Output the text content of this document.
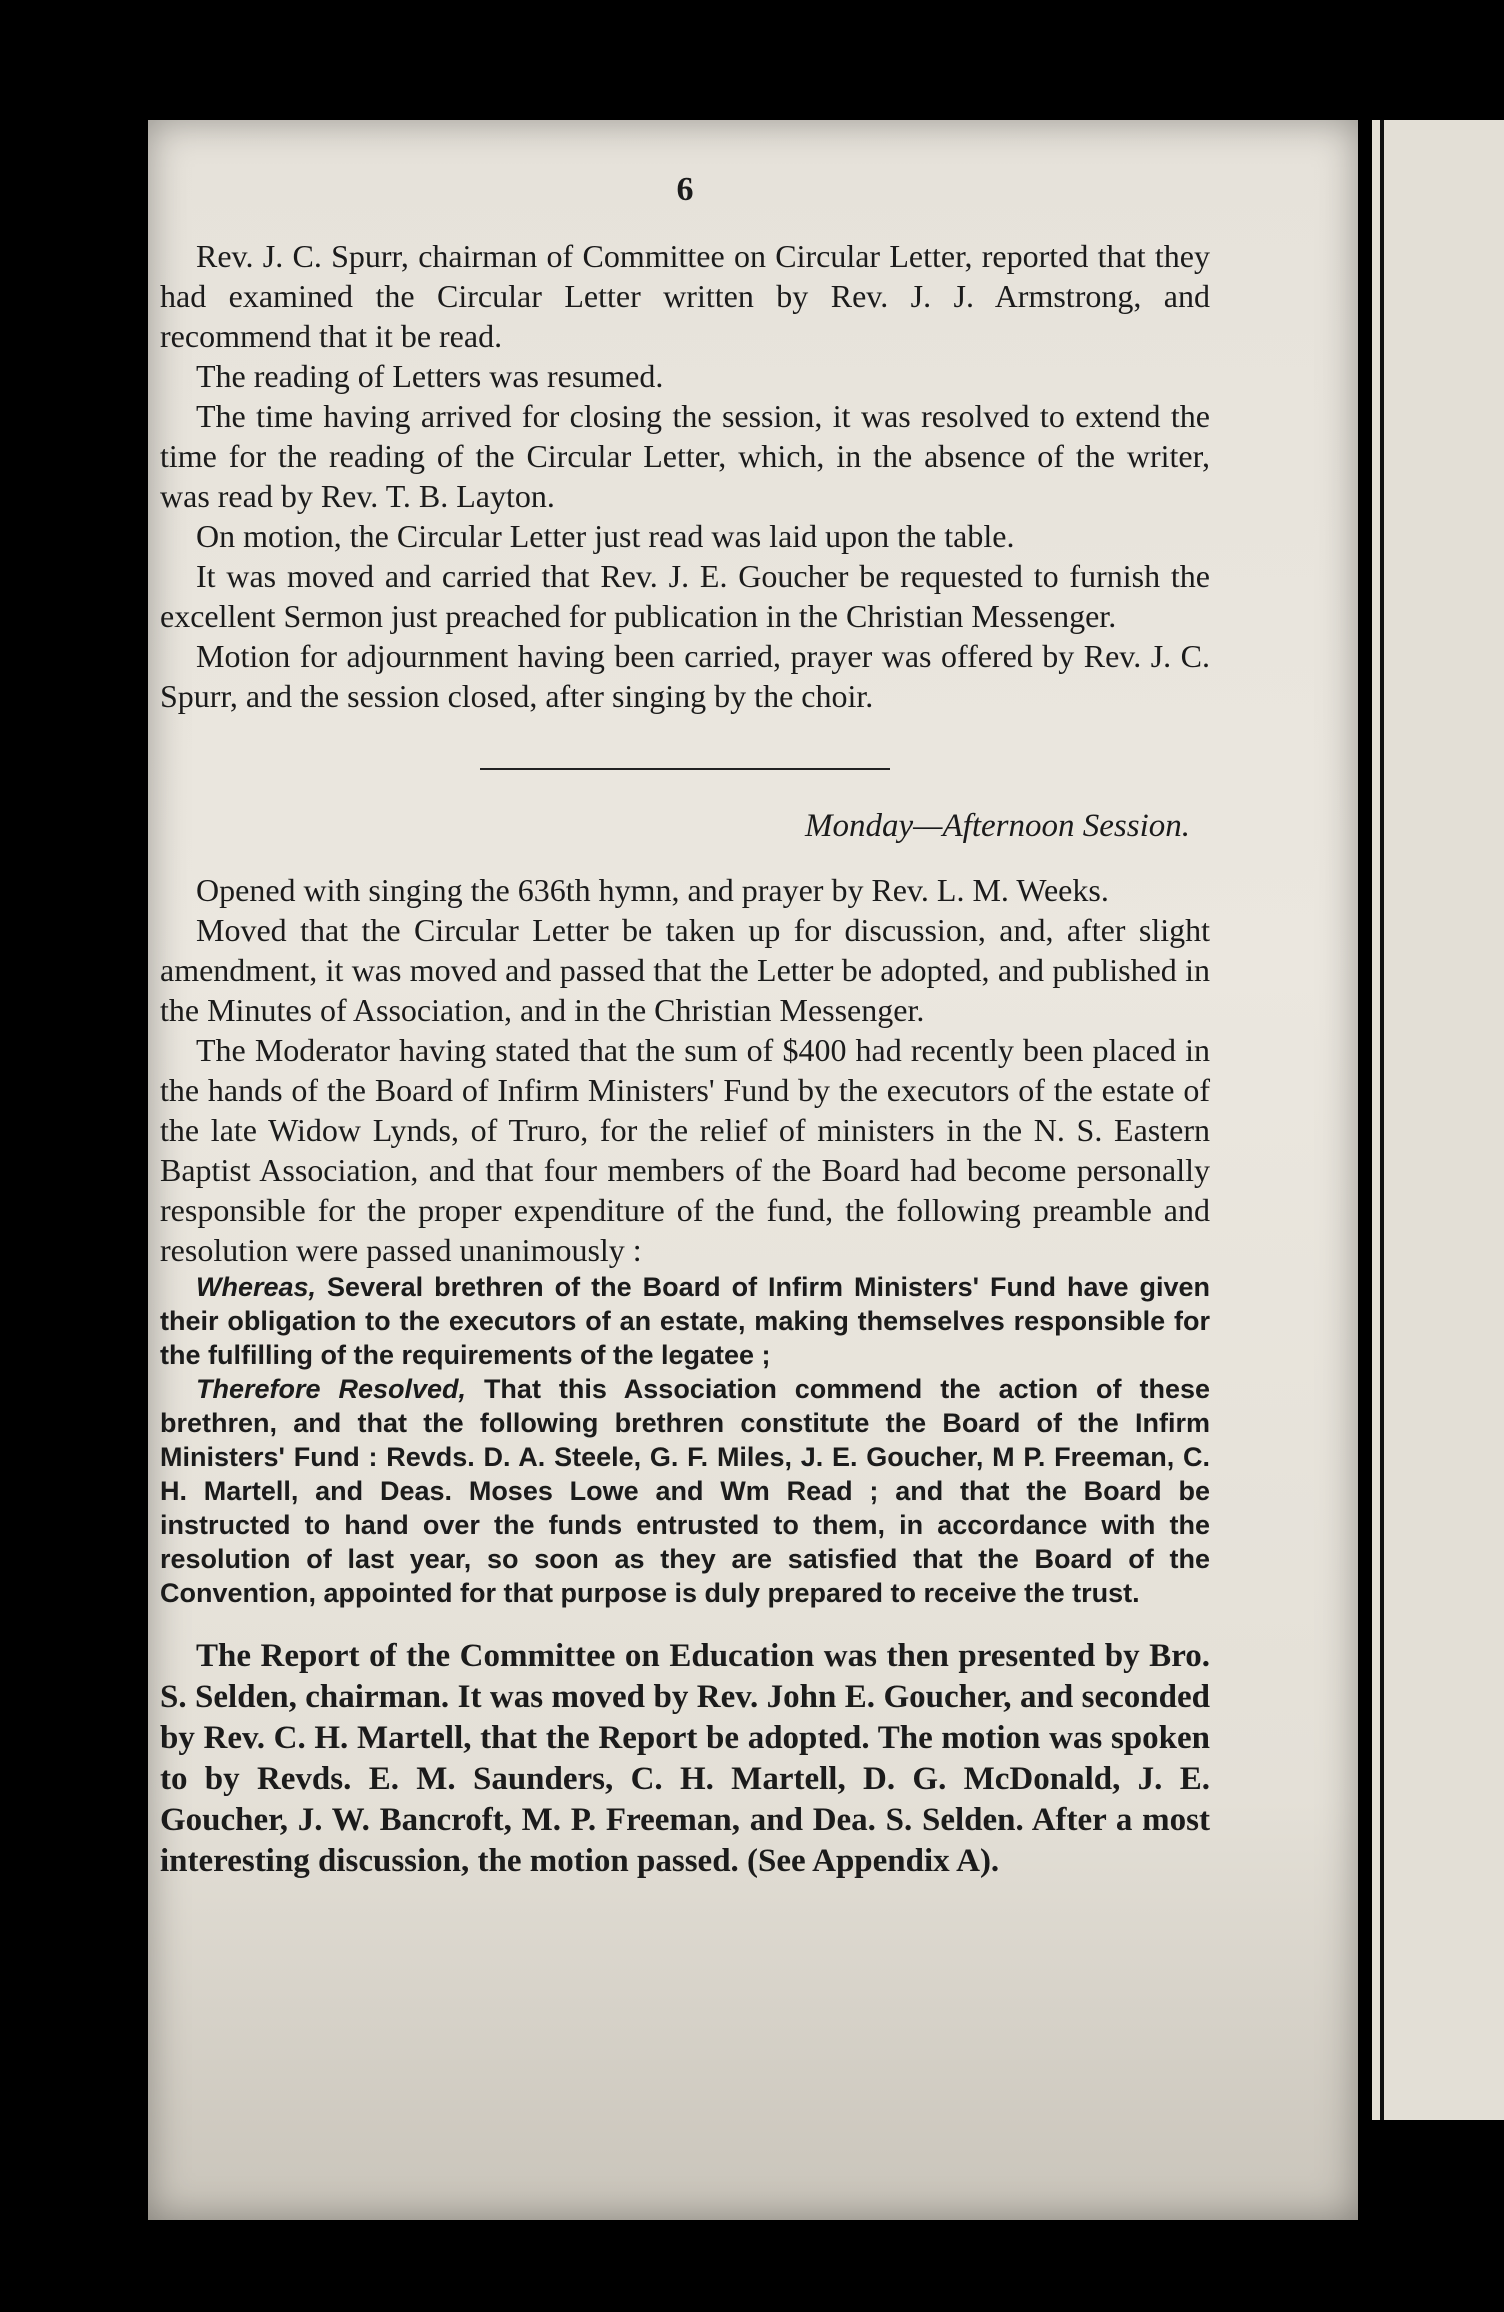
6

Rev. J. C. Spurr, chairman of Committee on Circular Letter, reported that they had examined the Circular Letter written by Rev. J. J. Armstrong, and recommend that it be read.

The reading of Letters was resumed.

The time having arrived for closing the session, it was resolved to extend the time for the reading of the Circular Letter, which, in the absence of the writer, was read by Rev. T. B. Layton.

On motion, the Circular Letter just read was laid upon the table.

It was moved and carried that Rev. J. E. Goucher be requested to furnish the excellent Sermon just preached for publication in the Christian Messenger.

Motion for adjournment having been carried, prayer was offered by Rev. J. C. Spurr, and the session closed, after singing by the choir.

Monday—Afternoon Session.

Opened with singing the 636th hymn, and prayer by Rev. L. M. Weeks.

Moved that the Circular Letter be taken up for discussion, and, after slight amendment, it was moved and passed that the Letter be adopted, and published in the Minutes of Association, and in the Christian Messenger.

The Moderator having stated that the sum of $400 had recently been placed in the hands of the Board of Infirm Ministers' Fund by the executors of the estate of the late Widow Lynds, of Truro, for the relief of ministers in the N. S. Eastern Baptist Association, and that four members of the Board had become personally responsible for the proper expenditure of the fund, the following preamble and resolution were passed unanimously :

Whereas, Several brethren of the Board of Infirm Ministers' Fund have given their obligation to the executors of an estate, making themselves responsible for the fulfilling of the requirements of the legatee ;

Therefore Resolved, That this Association commend the action of these brethren, and that the following brethren constitute the Board of the Infirm Ministers' Fund : Revds. D. A. Steele, G. F. Miles, J. E. Goucher, M P. Freeman, C. H. Martell, and Deas. Moses Lowe and Wm Read ; and that the Board be instructed to hand over the funds entrusted to them, in accordance with the resolution of last year, so soon as they are satisfied that the Board of the Convention, appointed for that purpose is duly prepared to receive the trust.

The Report of the Committee on Education was then presented by Bro. S. Selden, chairman. It was moved by Rev. John E. Goucher, and seconded by Rev. C. H. Martell, that the Report be adopted. The motion was spoken to by Revds. E. M. Saunders, C. H. Martell, D. G. McDonald, J. E. Goucher, J. W. Bancroft, M. P. Freeman, and Dea. S. Selden. After a most interesting discussion, the motion passed. (See Appendix A).
